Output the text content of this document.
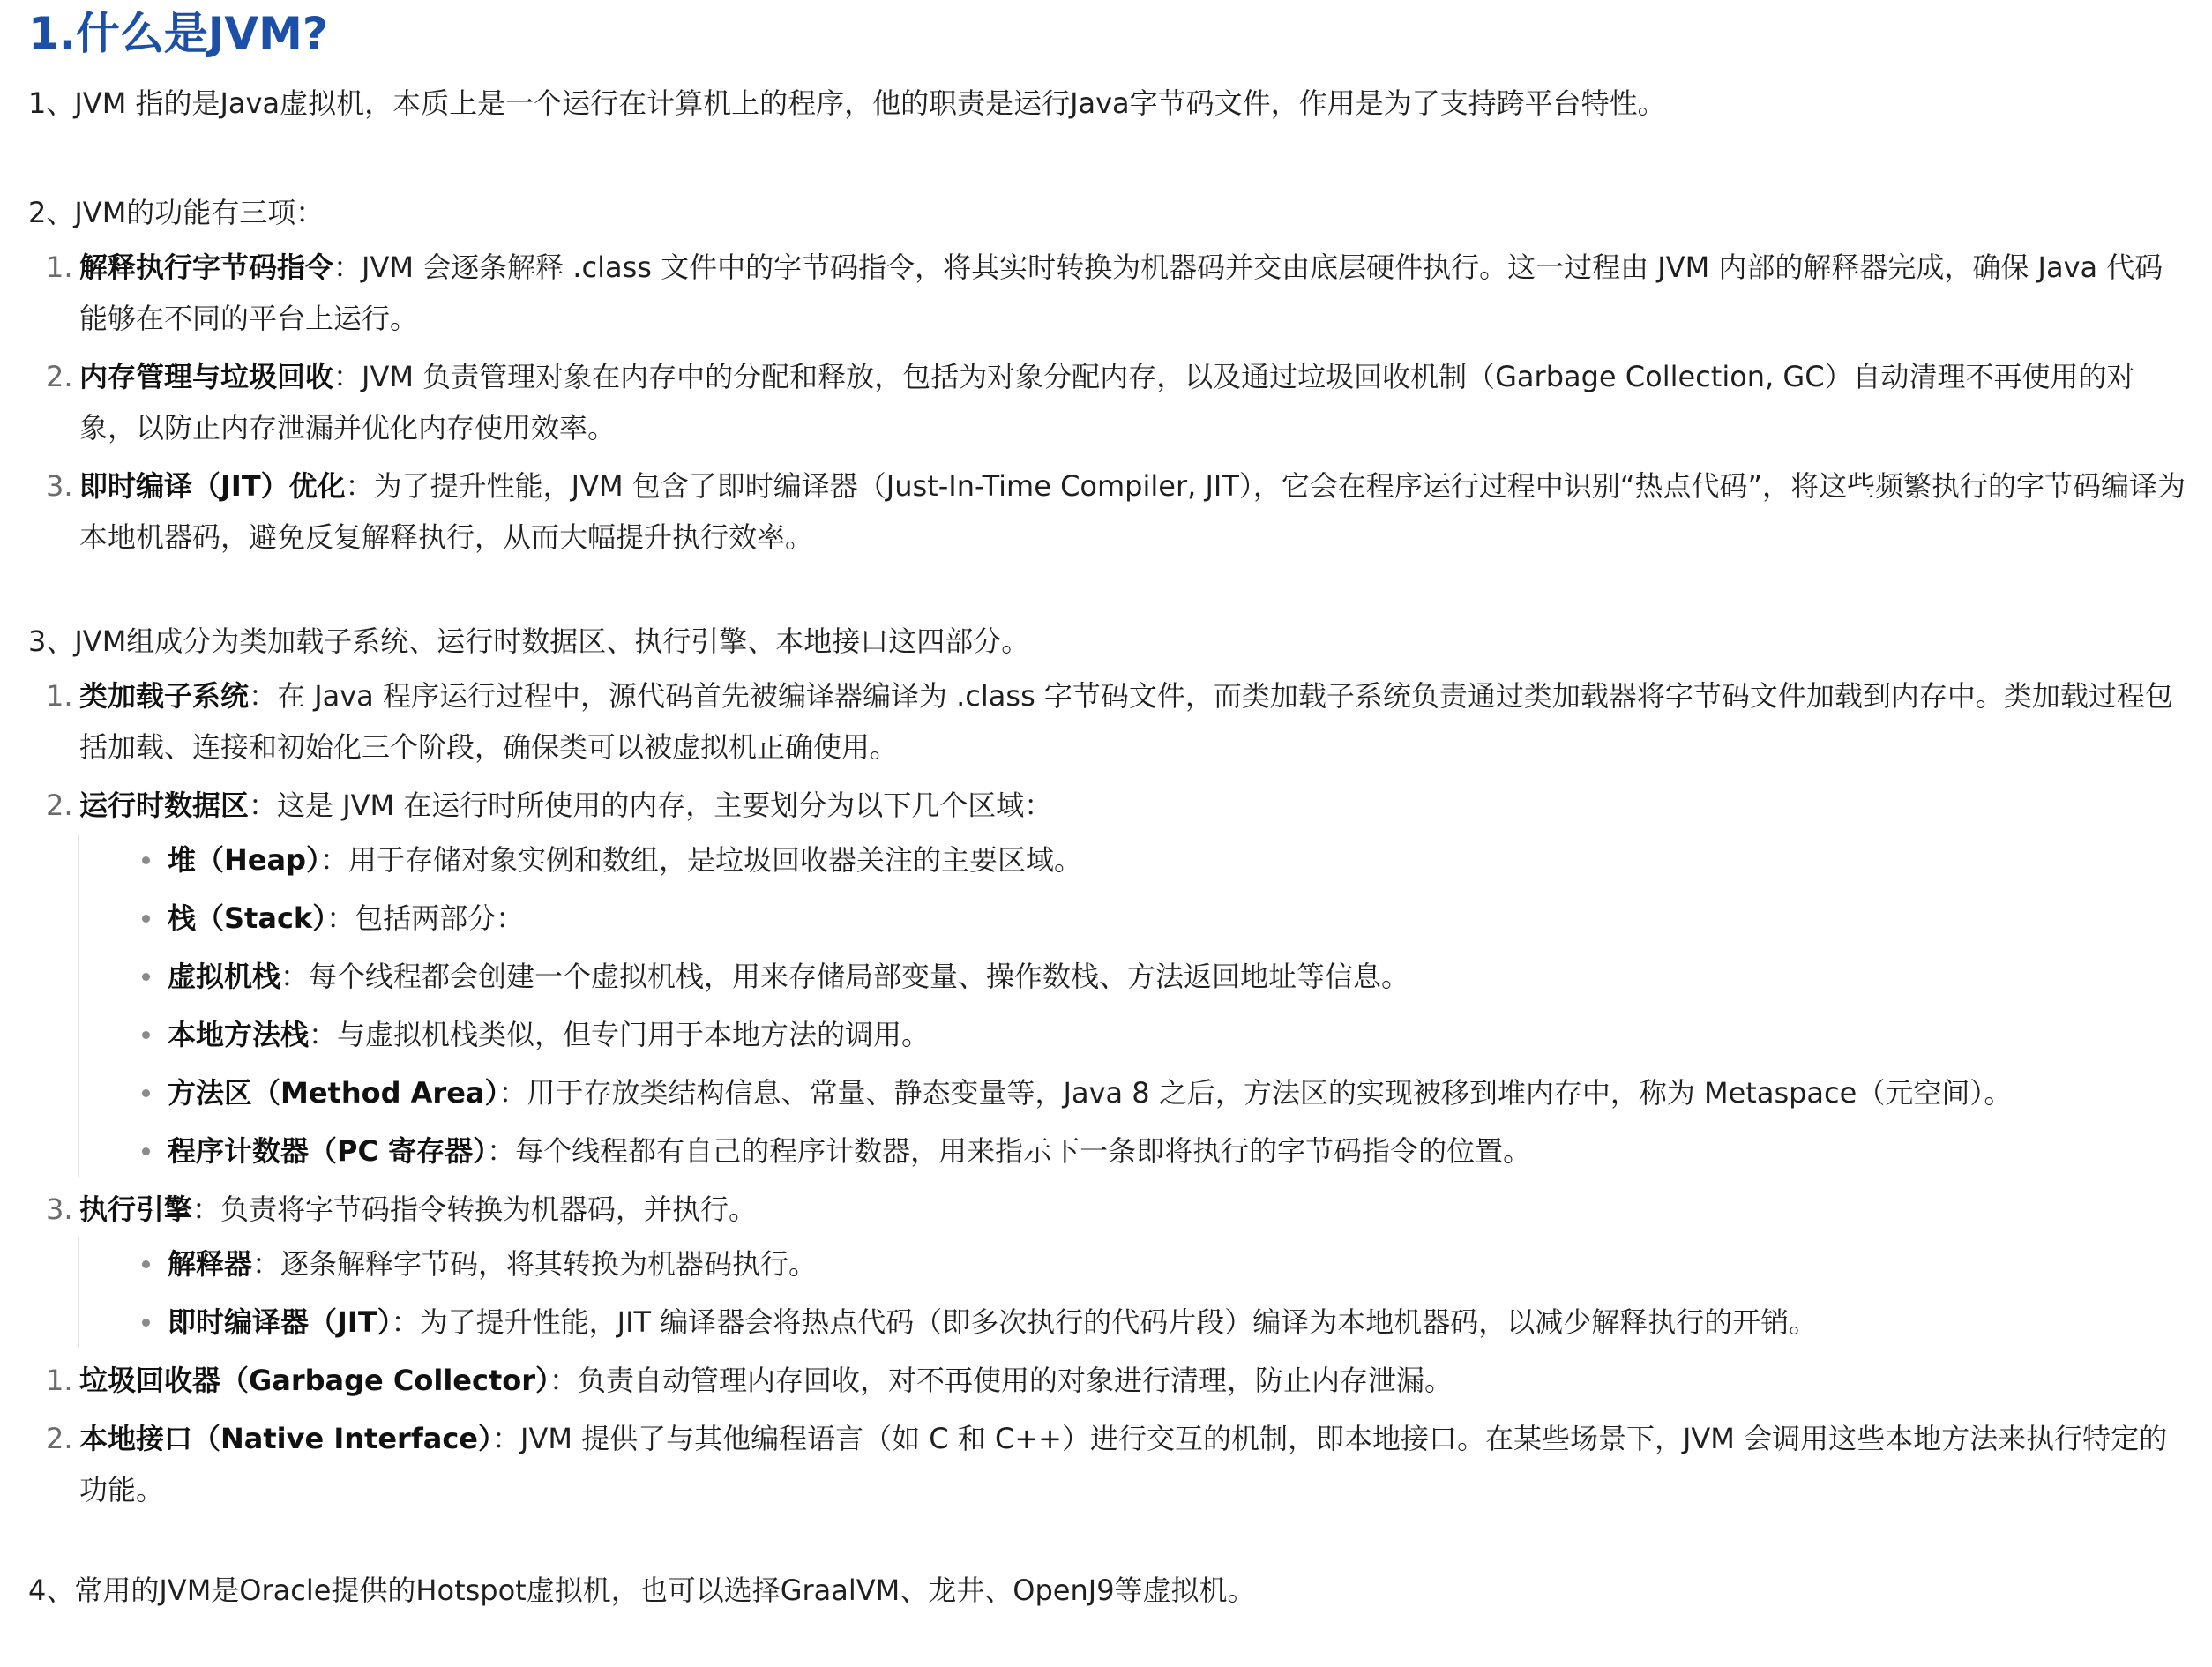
1.什么是JVM?

1、JVM 指的是Java虚拟机，本质上是一个运行在计算机上的程序，他的职责是运行Java字节码文件，作用是为了支持跨平台特性。

2、JVM的功能有三项：

1. 解释执行字节码指令：JVM 会逐条解释 .class 文件中的字节码指令，将其实时转换为机器码并交由底层硬件执行。这一过程由 JVM 内部的解释器完成，确保 Java 代码能够在不同的平台上运行。
2. 内存管理与垃圾回收：JVM 负责管理对象在内存中的分配和释放，包括为对象分配内存，以及通过垃圾回收机制（Garbage Collection, GC）自动清理不再使用的对象，以防止内存泄漏并优化内存使用效率。
3. 即时编译（JIT）优化：为了提升性能，JVM 包含了即时编译器（Just-In-Time Compiler, JIT），它会在程序运行过程中识别“热点代码”，将这些频繁执行的字节码编译为本地机器码，避免反复解释执行，从而大幅提升执行效率。

3、JVM组成分为类加载子系统、运行时数据区、执行引擎、本地接口这四部分。

1. 类加载子系统：在 Java 程序运行过程中，源代码首先被编译器编译为 .class 字节码文件，而类加载子系统负责通过类加载器将字节码文件加载到内存中。类加载过程包括加载、连接和初始化三个阶段，确保类可以被虚拟机正确使用。
2. 运行时数据区：这是 JVM 在运行时所使用的内存，主要划分为以下几个区域：
堆（Heap）：用于存储对象实例和数组，是垃圾回收器关注的主要区域。
栈（Stack）：包括两部分：
虚拟机栈：每个线程都会创建一个虚拟机栈，用来存储局部变量、操作数栈、方法返回地址等信息。
本地方法栈：与虚拟机栈类似，但专门用于本地方法的调用。
方法区（Method Area）：用于存放类结构信息、常量、静态变量等，Java 8 之后，方法区的实现被移到堆内存中，称为 Metaspace（元空间）。
程序计数器（PC 寄存器）：每个线程都有自己的程序计数器，用来指示下一条即将执行的字节码指令的位置。
3. 执行引擎：负责将字节码指令转换为机器码，并执行。
解释器：逐条解释字节码，将其转换为机器码执行。
即时编译器（JIT）：为了提升性能，JIT 编译器会将热点代码（即多次执行的代码片段）编译为本地机器码，以减少解释执行的开销。
1. 垃圾回收器（Garbage Collector）：负责自动管理内存回收，对不再使用的对象进行清理，防止内存泄漏。
2. 本地接口（Native Interface）：JVM 提供了与其他编程语言（如 C 和 C++）进行交互的机制，即本地接口。在某些场景下，JVM 会调用这些本地方法来执行特定的功能。

4、常用的JVM是Oracle提供的Hotspot虚拟机，也可以选择GraalVM、龙井、OpenJ9等虚拟机。
